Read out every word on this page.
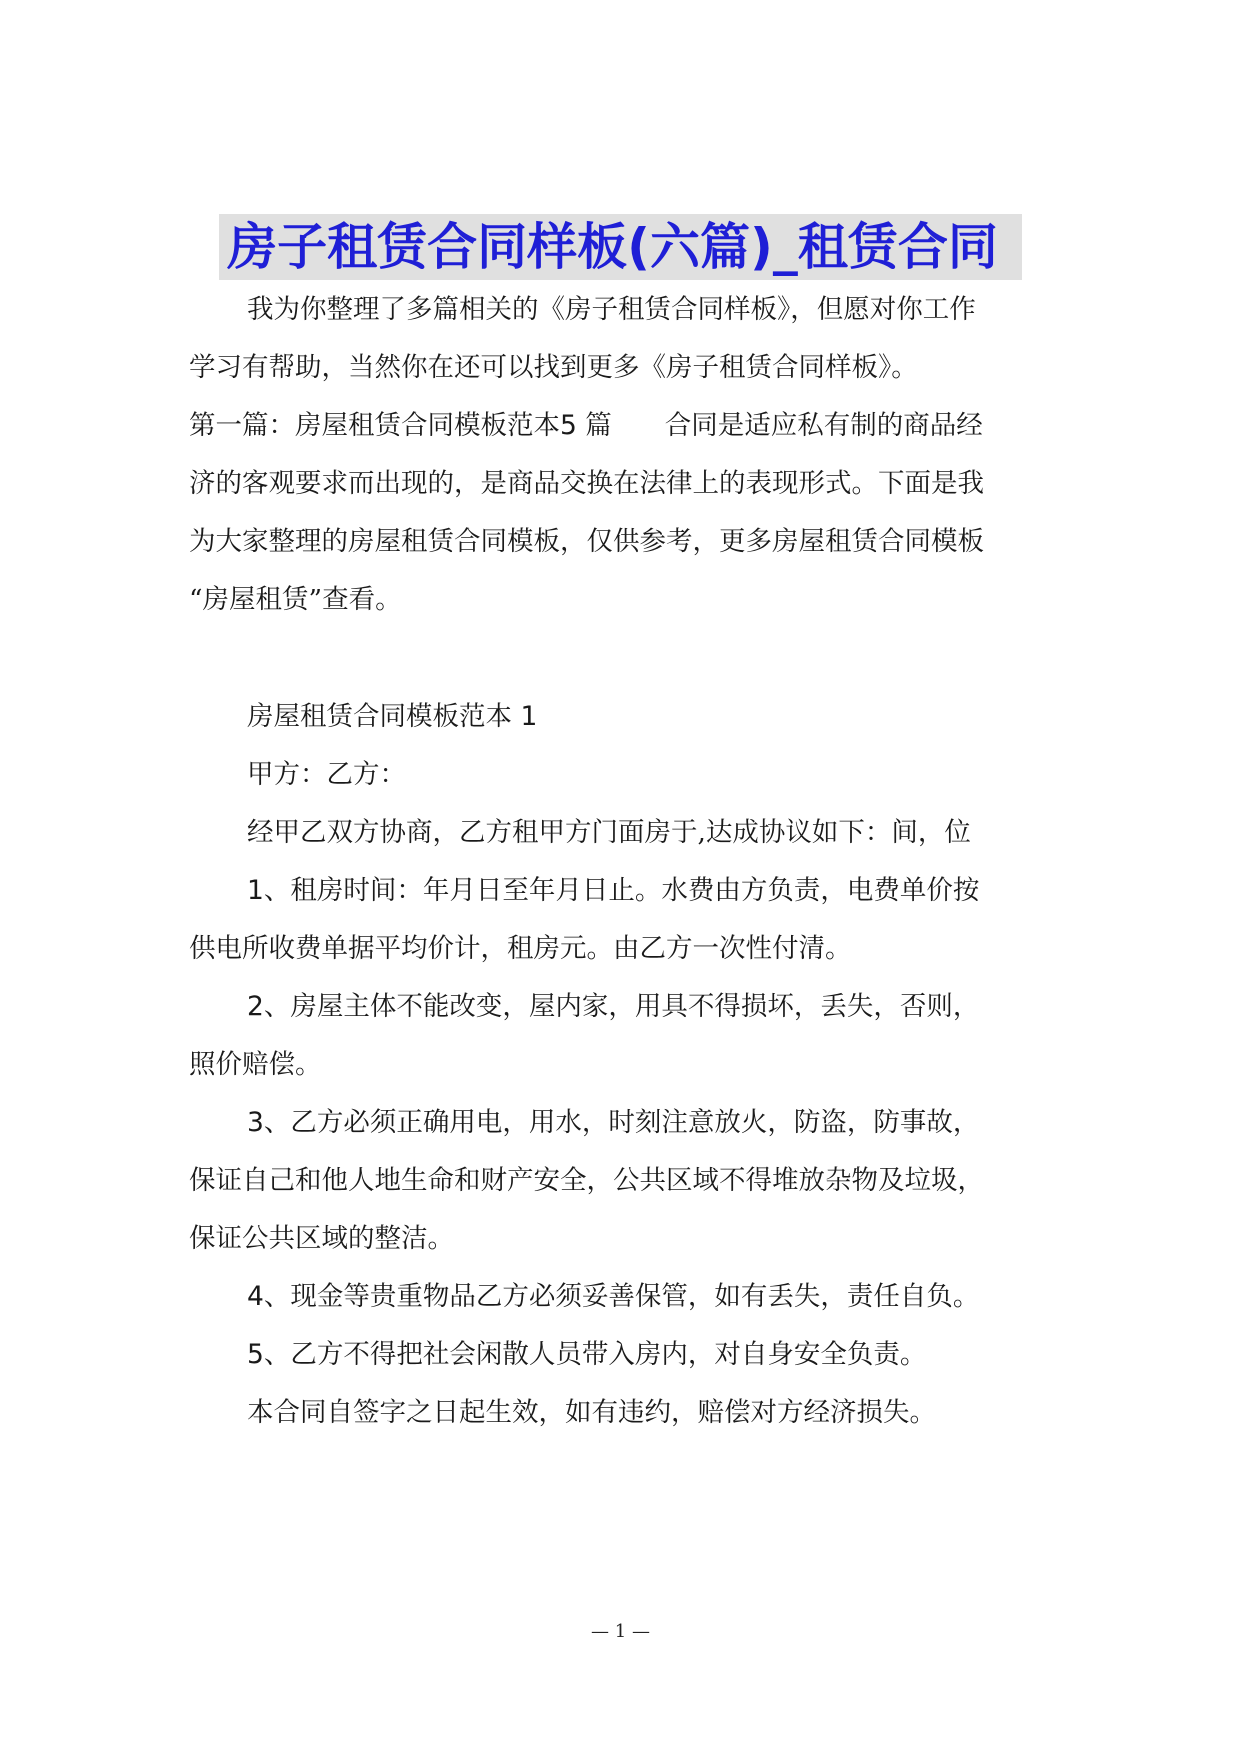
房子租赁合同样板(六篇)_租赁合同

我为你整理了多篇相关的《房子租赁合同样板》，但愿对你工作

学习有帮助，当然你在还可以找到更多《房子租赁合同样板》。

第一篇：房屋租赁合同模板范本5 篇　　合同是适应私有制的商品经

济的客观要求而出现的，是商品交换在法律上的表现形式。下面是我

为大家整理的房屋租赁合同模板，仅供参考，更多房屋租赁合同模板

“房屋租赁”查看。

房屋租赁合同模板范本 1

甲方：乙方：

经甲乙双方协商，乙方租甲方门面房于,达成协议如下：间，位

1、租房时间：年月日至年月日止。水费由方负责，电费单价按

供电所收费单据平均价计，租房元。由乙方一次性付清。

2、房屋主体不能改变，屋内家，用具不得损坏，丢失，否则，

照价赔偿。

3、乙方必须正确用电，用水，时刻注意放火，防盗，防事故，

保证自己和他人地生命和财产安全，公共区域不得堆放杂物及垃圾，

保证公共区域的整洁。

4、现金等贵重物品乙方必须妥善保管，如有丢失，责任自负。

5、乙方不得把社会闲散人员带入房内，对自身安全负责。

本合同自签字之日起生效，如有违约，赔偿对方经济损失。

— 1 —
